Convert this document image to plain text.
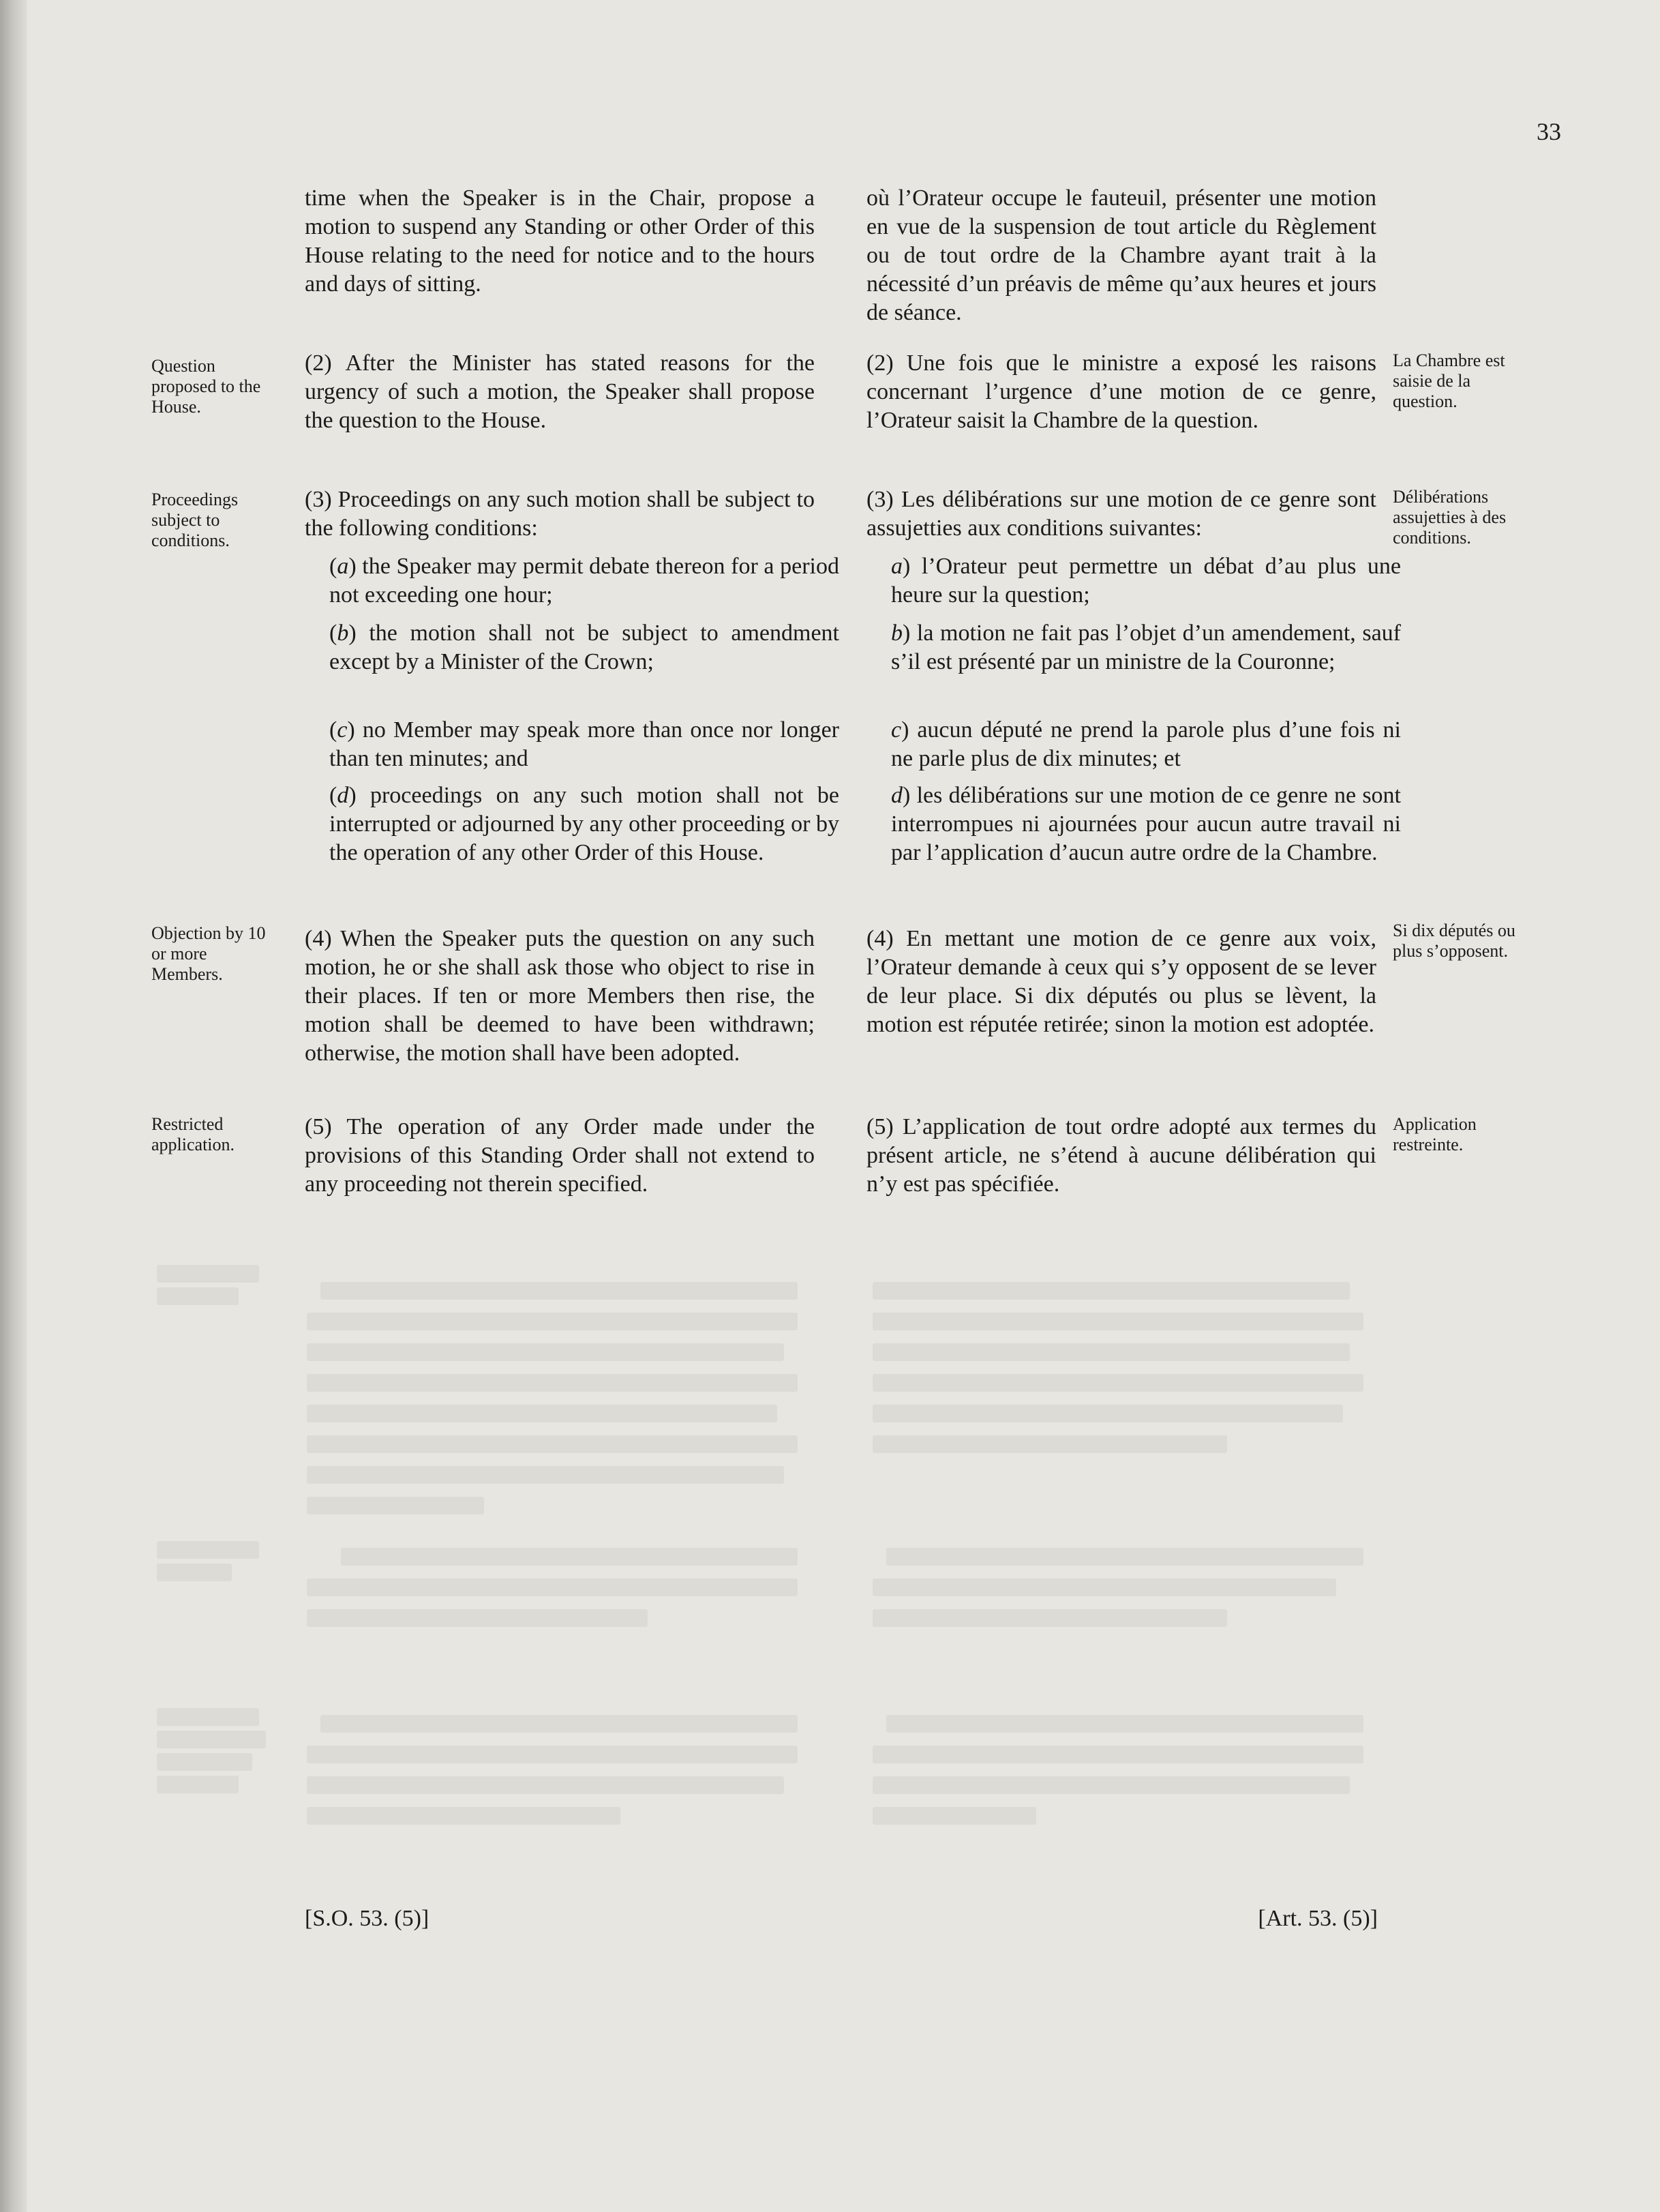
33

time when the Speaker is in the Chair, propose a motion to suspend any Standing or other Order of this House relating to the need for notice and to the hours and days of sitting.

(2) After the Minister has stated reasons for the urgency of such a motion, the Speaker shall propose the question to the House.

(3) Proceedings on any such motion shall be subject to the following conditions:

(a) the Speaker may permit debate thereon for a period not exceeding one hour;

(b) the motion shall not be subject to amendment except by a Minister of the Crown;

(c) no Member may speak more than once nor longer than ten minutes; and

(d) proceedings on any such motion shall not be interrupted or adjourned by any other proceeding or by the operation of any other Order of this House.

(4) When the Speaker puts the question on any such motion, he or she shall ask those who object to rise in their places. If ten or more Members then rise, the motion shall be deemed to have been withdrawn; otherwise, the motion shall have been adopted.

(5) The operation of any Order made under the provisions of this Standing Order shall not extend to any proceeding not therein specified.

Question proposed to the House.
Proceedings subject to conditions.
Objection by 10 or more Members.
Restricted application.

où l’Orateur occupe le fauteuil, présenter une motion en vue de la suspension de tout article du Règlement ou de tout ordre de la Chambre ayant trait à la nécessité d’un préavis de même qu’aux heures et jours de séance.

(2) Une fois que le ministre a exposé les raisons concernant l’urgence d’une motion de ce genre, l’Orateur saisit la Chambre de la question.

(3) Les délibérations sur une motion de ce genre sont assujetties aux conditions suivantes:

a) l’Orateur peut permettre un débat d’au plus une heure sur la question;

b) la motion ne fait pas l’objet d’un amendement, sauf s’il est présenté par un ministre de la Couronne;

c) aucun député ne prend la parole plus d’une fois ni ne parle plus de dix minutes; et

d) les délibérations sur une motion de ce genre ne sont interrompues ni ajournées pour aucun autre travail ni par l’application d’aucun autre ordre de la Chambre.

(4) En mettant une motion de ce genre aux voix, l’Orateur demande à ceux qui s’y opposent de se lever de leur place. Si dix députés ou plus se lèvent, la motion est réputée retirée; sinon la motion est adoptée.

(5) L’application de tout ordre adopté aux termes du présent article, ne s’étend à aucune délibération qui n’y est pas spécifiée.

La Chambre est saisie de la question.
Délibérations assujetties à des conditions.
Si dix députés ou plus s’opposent.
Application restreinte.
[S.O. 53. (5)]	[Art. 53. (5)]
